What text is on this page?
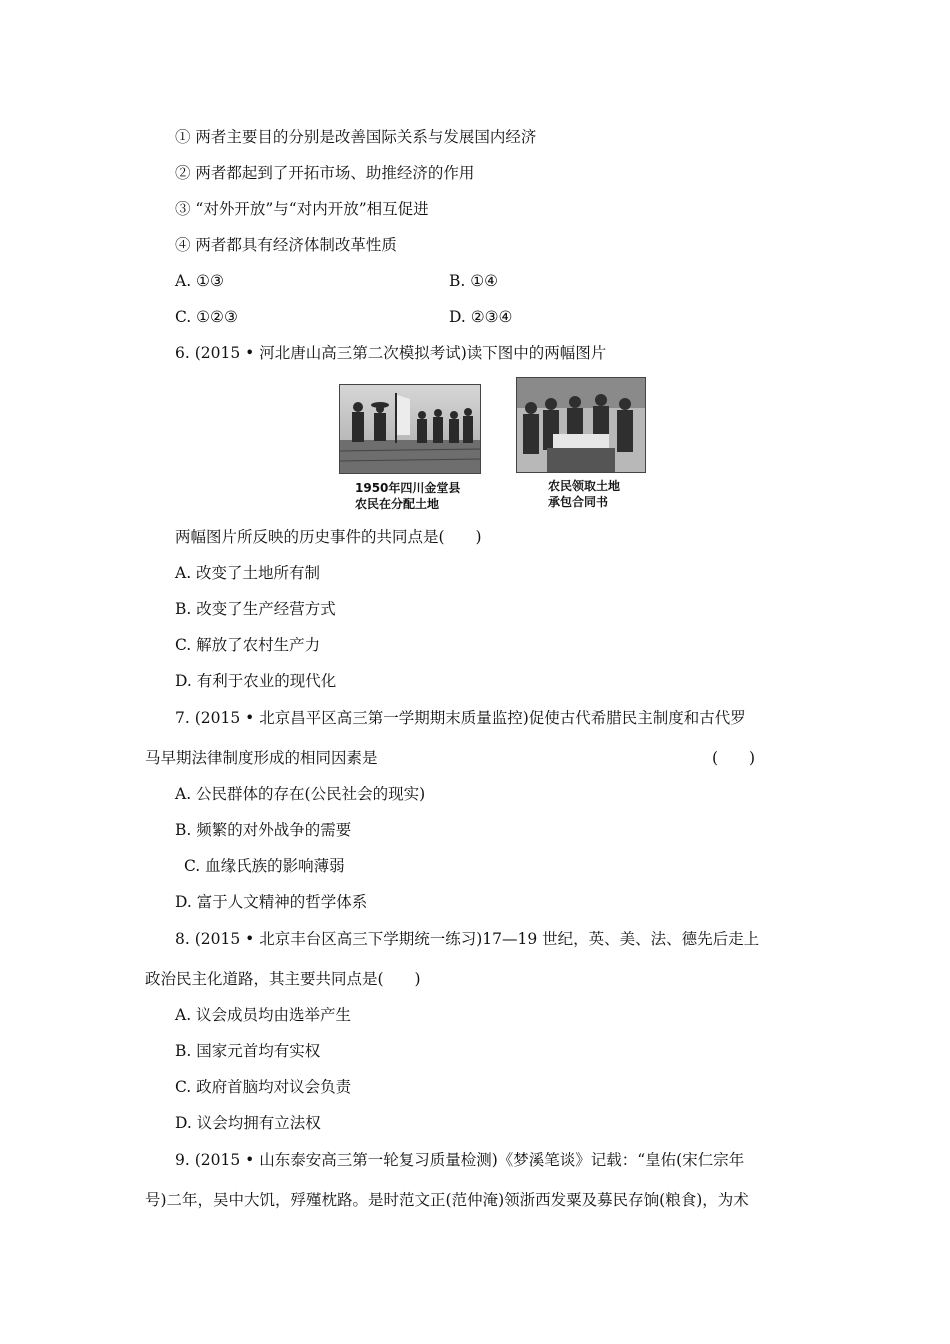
① 两者主要目的分别是改善国际关系与发展国内经济
② 两者都起到了开拓市场、助推经济的作用
③ “对外开放”与“对内开放”相互促进
④ 两者都具有经济体制改革性质
A. ①③	B. ①④
C. ①②③	D. ②③④
6. (2015 • 河北唐山高三第二次模拟考试)读下图中的两幅图片
1950年四川金堂县
农民在分配土地
农民领取土地
承包合同书
两幅图片所反映的历史事件的共同点是(　　)
A. 改变了土地所有制
B. 改变了生产经营方式
C. 解放了农村生产力
D. 有利于农业的现代化
7. (2015 • 北京昌平区高三第一学期期末质量监控)促使古代希腊民主制度和古代罗
马早期法律制度形成的相同因素是	(　　)
A. 公民群体的存在(公民社会的现实)
B. 频繁的对外战争的需要
C. 血缘氏族的影响薄弱
D. 富于人文精神的哲学体系
8. (2015 • 北京丰台区高三下学期统一练习)17—19 世纪，英、美、法、德先后走上
政治民主化道路，其主要共同点是(　　)
A. 议会成员均由选举产生
B. 国家元首均有实权
C. 政府首脑均对议会负责
D. 议会均拥有立法权
9. (2015 • 山东泰安高三第一轮复习质量检测)《梦溪笔谈》记载：“皇佑(宋仁宗年
号)二年，吴中大饥，殍殣枕路。是时范文正(范仲淹)领浙西发粟及募民存饷(粮食)，为术
